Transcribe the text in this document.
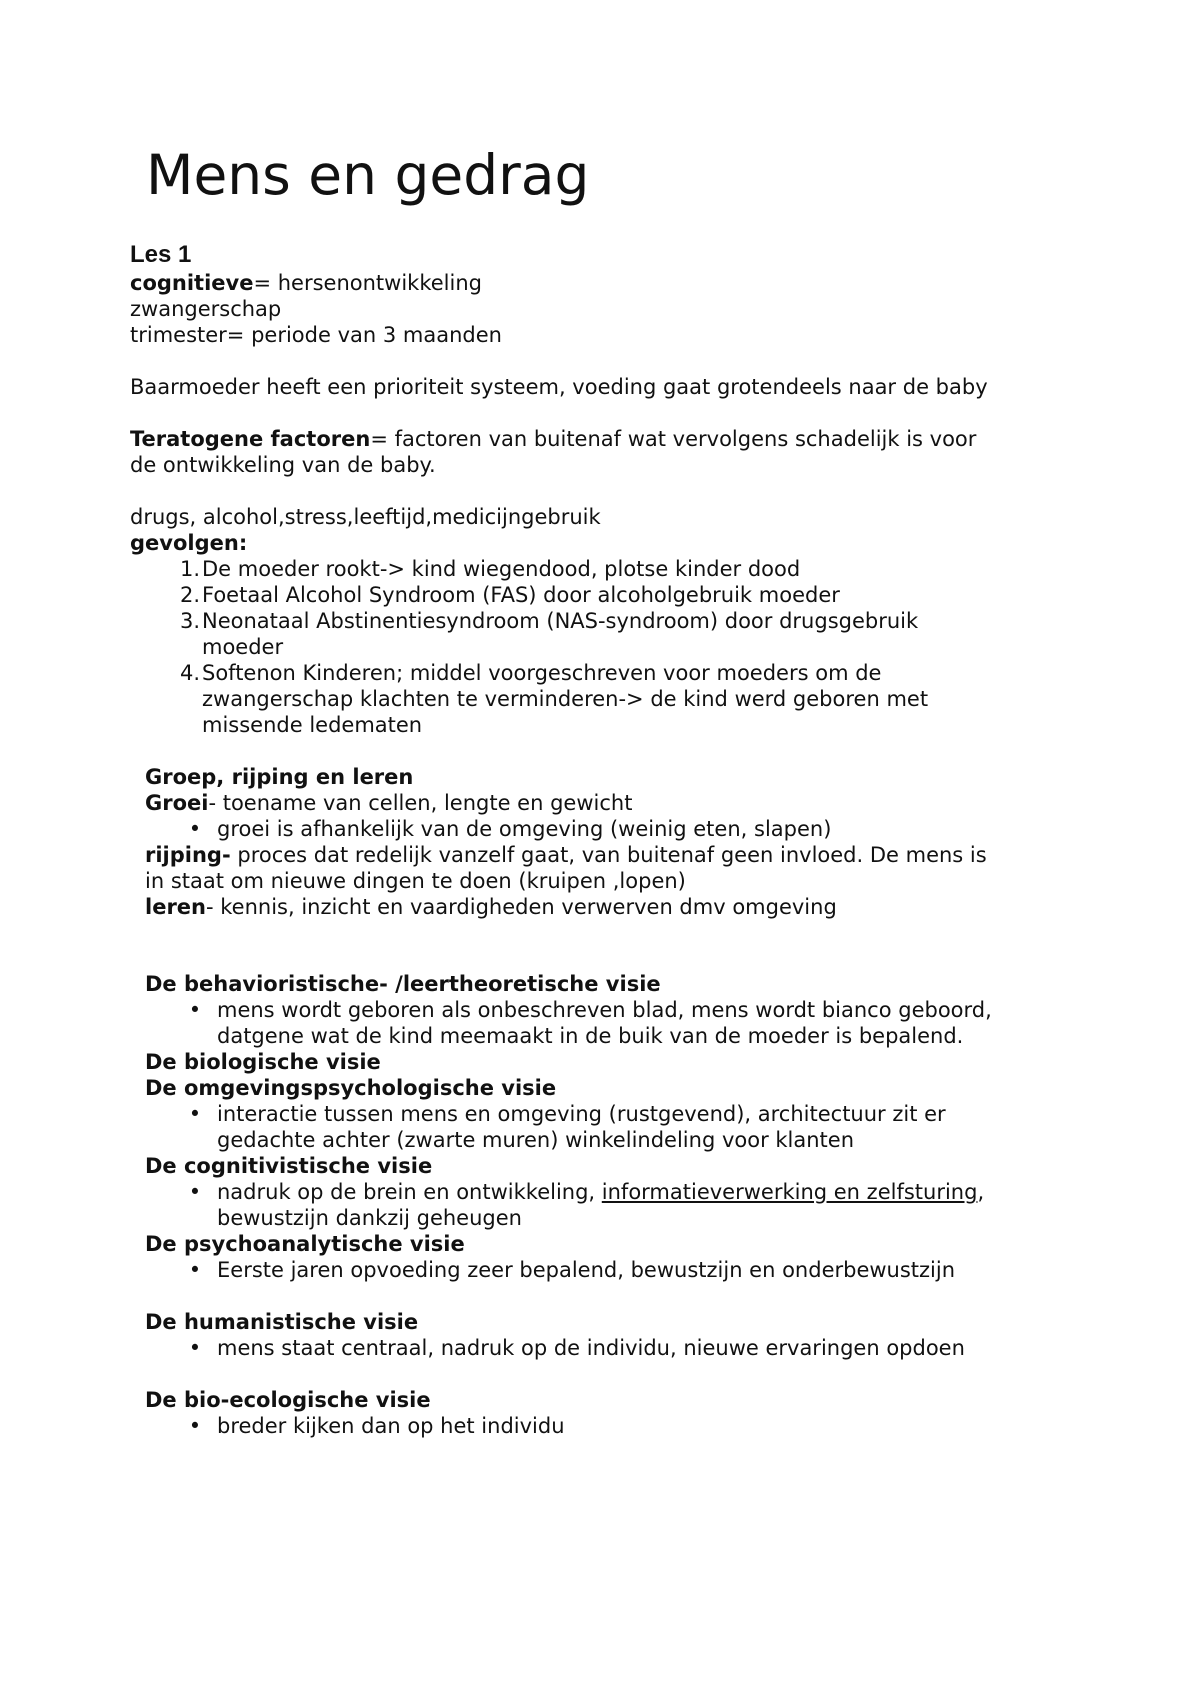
Mens en gedrag
Les 1
cognitieve= hersenontwikkeling
zwangerschap
trimester= periode van 3 maanden
Baarmoeder heeft een prioriteit systeem, voeding gaat grotendeels naar de baby
Teratogene factoren= factoren van buitenaf wat vervolgens schadelijk is voor
de ontwikkeling van de baby.
drugs, alcohol,stress,leeftijd,medicijngebruik
gevolgen:
1. De moeder rookt-> kind wiegendood, plotse kinder dood
2. Foetaal Alcohol Syndroom (FAS) door alcoholgebruik moeder
3. Neonataal Abstinentiesyndroom (NAS-syndroom) door drugsgebruik
moeder
4. Softenon Kinderen; middel voorgeschreven voor moeders om de
zwangerschap klachten te verminderen-> de kind werd geboren met
missende ledematen
Groep, rijping en leren
Groei- toename van cellen, lengte en gewicht
• groei is afhankelijk van de omgeving (weinig eten, slapen)
rijping- proces dat redelijk vanzelf gaat, van buitenaf geen invloed. De mens is
in staat om nieuwe dingen te doen (kruipen ,lopen)
leren- kennis, inzicht en vaardigheden verwerven dmv omgeving
De behavioristische- /leertheoretische visie
• mens wordt geboren als onbeschreven blad, mens wordt bianco geboord,
datgene wat de kind meemaakt in de buik van de moeder is bepalend.
De biologische visie
De omgevingspsychologische visie
• interactie tussen mens en omgeving (rustgevend), architectuur zit er
gedachte achter (zwarte muren) winkelindeling voor klanten
De cognitivistische visie
• nadruk op de brein en ontwikkeling, informatieverwerking en zelfsturing,
bewustzijn dankzij geheugen
De psychoanalytische visie
• Eerste jaren opvoeding zeer bepalend, bewustzijn en onderbewustzijn
De humanistische visie
• mens staat centraal, nadruk op de individu, nieuwe ervaringen opdoen
De bio-ecologische visie
• breder kijken dan op het individu
